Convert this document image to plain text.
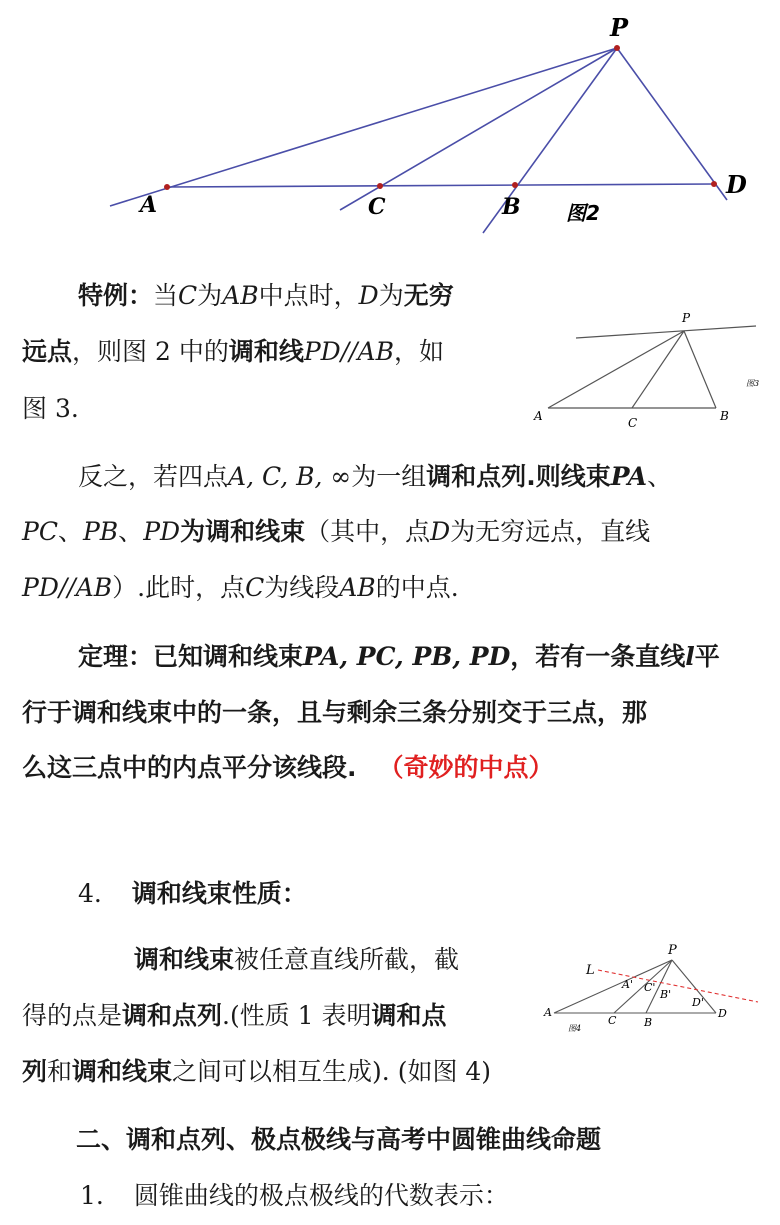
P
A	C	B
D
图2
P
A	C	B
图3
P
L
A' C'
B'
D'
A
C	B
D
图4
特例：当C为AB中点时，D为无穷
远点，则图 2 中的调和线PD//AB，如
图 3.
反之，若四点A, C, B, ∞为一组调和点列.则线束PA、
PC、PB、PD为调和线束（其中，点D为无穷远点，直线
PD//AB）.此时，点C为线段AB的中点.
定理：已知调和线束PA, PC, PB, PD，若有一条直线l平
行于调和线束中的一条，且与剩余三条分别交于三点，那
么这三点中的内点平分该线段. （奇妙的中点）
4. 调和线束性质：
调和线束被任意直线所截，截
得的点是调和点列.(性质 1 表明调和点
列和调和线束之间可以相互生成). (如图 4)
二、调和点列、极点极线与高考中圆锥曲线命题
1. 圆锥曲线的极点极线的代数表示：
